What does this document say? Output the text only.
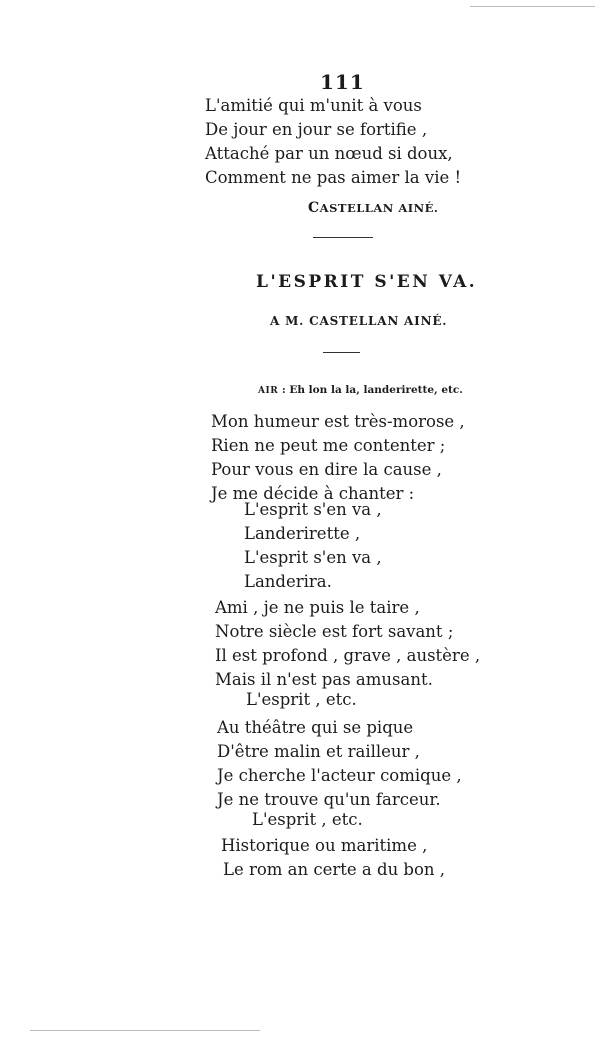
111
L'amitié qui m'unit à vous
De jour en jour se fortifie ,
Attaché par un nœud si doux,
Comment ne pas aimer la vie !
CASTELLAN AINÉ.
L'ESPRIT S'EN VA.
A M. CASTELLAN AINÉ.
AIR : Eh lon la la, landerirette, etc.
Mon humeur est très-morose ,
Rien ne peut me contenter ;
Pour vous en dire la cause ,
Je me décide à chanter :
L'esprit s'en va ,
Landerirette ,
L'esprit s'en va ,
Landerira.
Ami , je ne puis le taire ,
Notre siècle est fort savant ;
Il est profond , grave , austère ,
Mais il n'est pas amusant.
L'esprit , etc.
Au théâtre qui se pique
D'être malin et railleur ,
Je cherche l'acteur comique ,
Je ne trouve qu'un farceur.
L'esprit , etc.
Historique ou maritime ,
Le rom an certe a du bon ,
